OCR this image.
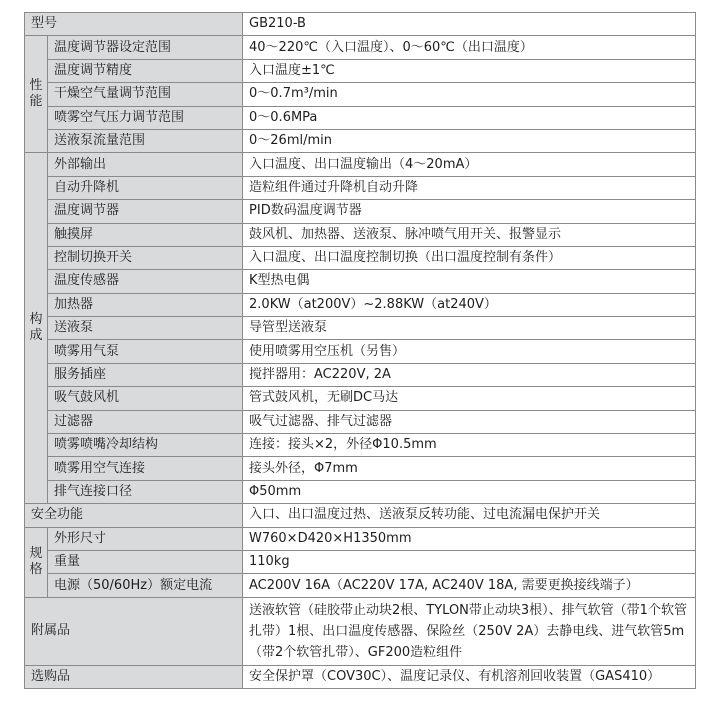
型号		GB210-B

性
能	温度调节器设定范围	40～220℃（入口温度）、0～60℃（出口温度）
	温度调节精度	入口温度±1℃
	干燥空气量调节范围	0～0.7m³/min
	喷雾空气压力调节范围	0～0.6MPa
	送液泵流量范围	0～26ml/min

构
成	外部输出	入口温度、出口温度输出（4～20mA）
	自动升降机	造粒组件通过升降机自动升降
	温度调节器	PID数码温度调节器
	触摸屏	鼓风机、加热器、送液泵、脉冲喷气用开关、报警显示
	控制切换开关	入口温度、出口温度控制切换（出口温度控制有条件）
	温度传感器	K型热电偶
	加热器	2.0KW（at200V）~2.88KW（at240V）
	送液泵	导管型送液泵
	喷雾用气泵	使用喷雾用空压机（另售）
	服务插座	搅拌器用：AC220V, 2A
	吸气鼓风机	管式鼓风机，无刷DC马达
	过滤器	吸气过滤器、排气过滤器
	喷雾喷嘴冷却结构	连接：接头×2，外径Φ10.5mm
	喷雾用空气连接	接头外径，Φ7mm
	排气连接口径	Φ50mm
安全功能		入口、出口温度过热、送液泵反转功能、过电流漏电保护开关

规
格	外形尺寸	W760×D420×H1350mm
	重量	110kg
	电源（50/60Hz）额定电流	AC200V 16A（AC220V 17A, AC240V 18A, 需要更换接线端子）
附属品		送液软管（硅胶带止动块2根、TYLON带止动块3根）、排气软管（带1个软管扎带）1根、出口温度传感器、保险丝（250V 2A）去静电线、进气软管5m（带2个软管扎带）、GF200造粒组件
选购品		安全保护罩（COV30C）、温度记录仪、有机溶剂回收装置（GAS410）
